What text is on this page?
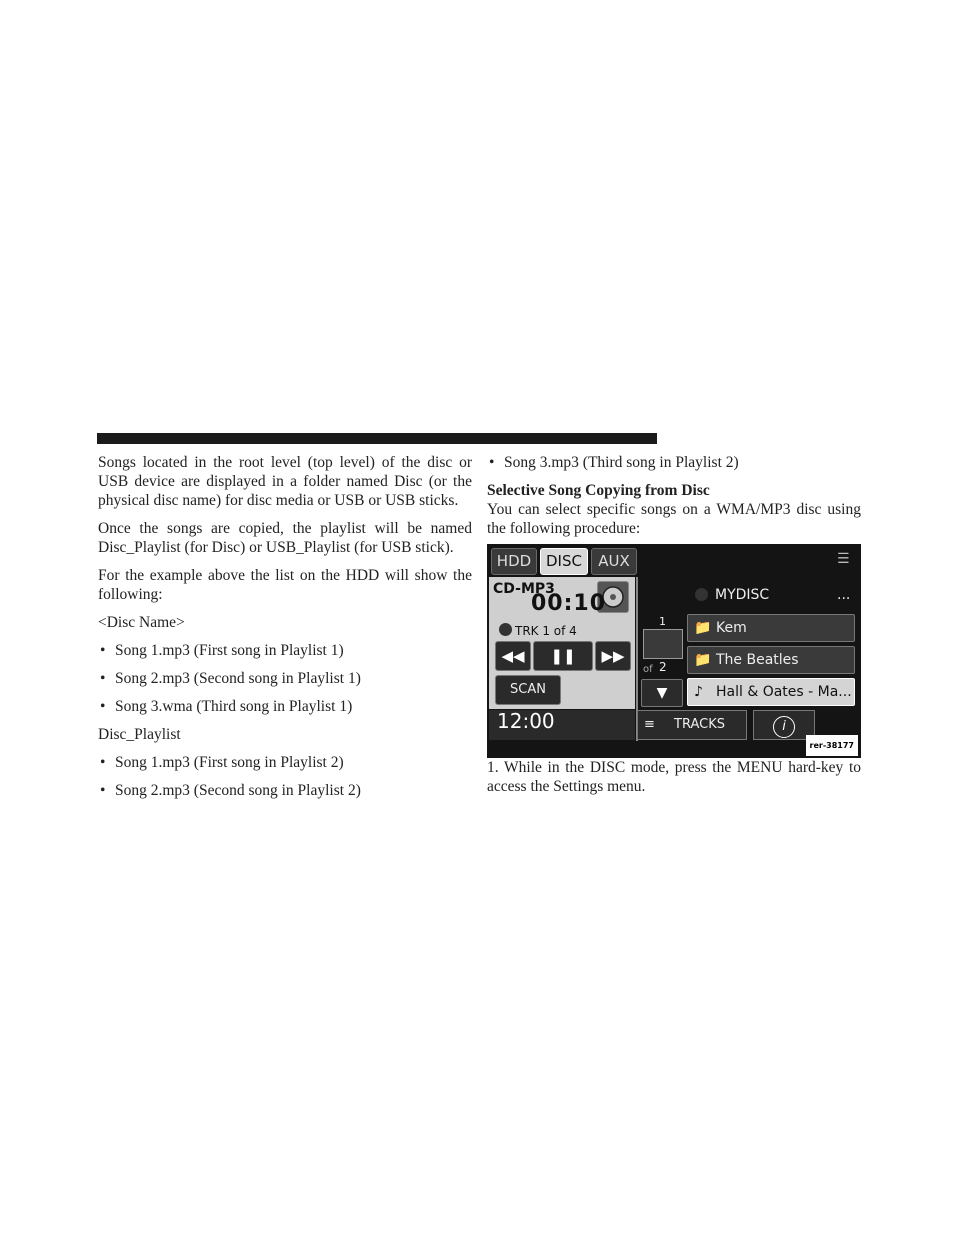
Songs located in the root level (top level) of the disc or USB device are displayed in a folder named Disc (or the physical disc name) for disc media or USB or USB sticks.

Once the songs are copied, the playlist will be named Disc_Playlist (for Disc) or USB_Playlist (for USB stick).

For the example above the list on the HDD will show the following:

<Disc Name>

• Song 1.mp3 (First song in Playlist 1)
• Song 2.mp3 (Second song in Playlist 1)
• Song 3.wma (Third song in Playlist 1)

Disc_Playlist

• Song 1.mp3 (First song in Playlist 2)
• Song 2.mp3 (Second song in Playlist 2)
• Song 3.mp3 (Third song in Playlist 2)
Selective Song Copying from Disc

You can select specific songs on a WMA/MP3 disc using the following procedure:

HDD DISC	AUX	☰
CD-MP3
00:10
TRK 1 of 4
◀◀	❚❚	▶▶
SCAN
12:00
MYDISC	...
1
of 2
▼
📁 Kem
📁 The Beatles
♪ Hall & Oates - Ma...
≡ TRACKS	i
rer-38177

1. While in the DISC mode, press the MENU hard-key to access the Settings menu.
